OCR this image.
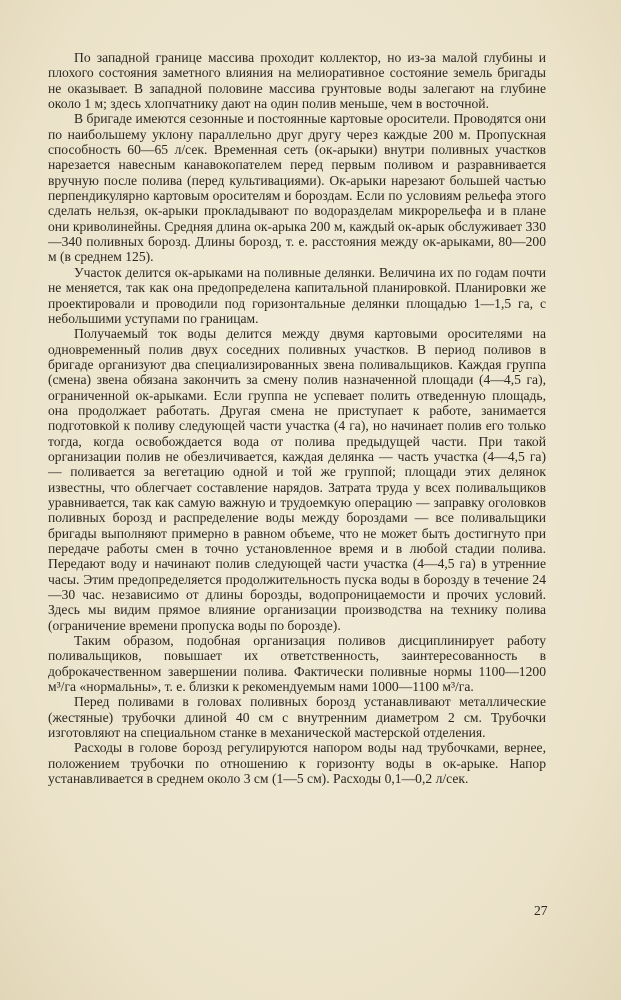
По западной границе массива проходит коллектор, но из-за малой глубины и плохого состояния заметного влияния на мелиоративное состояние земель бригады не оказывает. В западной половине массива грунтовые воды залегают на глубине около 1 м; здесь хлопчатнику дают на один полив меньше, чем в восточной.

В бригаде имеются сезонные и постоянные картовые оросители. Проводятся они по наибольшему уклону параллельно друг другу через каждые 200 м. Пропускная способность 60—65 л/сек. Временная сеть (ок-арыки) внутри поливных участков нарезается навесным канавокопателем перед первым поливом и разравнивается вручную после полива (перед культивациями). Ок-арыки нарезают большей частью перпендикулярно картовым оросителям и бороздам. Если по условиям рельефа этого сделать нельзя, ок-арыки прокладывают по водоразделам микрорельефа и в плане они криволинейны. Средняя длина ок-арыка 200 м, каждый ок-арык обслуживает 330—340 поливных борозд. Длины борозд, т. е. расстояния между ок-арыками, 80—200 м (в среднем 125).

Участок делится ок-арыками на поливные делянки. Величина их по годам почти не меняется, так как она предопределена капитальной планировкой. Планировки же проектировали и проводили под горизонтальные делянки площадью 1—1,5 га, с небольшими уступами по границам.

Получаемый ток воды делится между двумя картовыми оросителями на одновременный полив двух соседних поливных участков. В период поливов в бригаде организуют два специализированных звена поливальщиков. Каждая группа (смена) звена обязана закончить за смену полив назначенной площади (4—4,5 га), ограниченной ок-арыками. Если группа не успевает полить отведенную площадь, она продолжает работать. Другая смена не приступает к работе, занимается подготовкой к поливу следующей части участка (4 га), но начинает полив его только тогда, когда освобождается вода от полива предыдущей части. При такой организации полив не обезличивается, каждая делянка — часть участка (4—4,5 га) — поливается за вегетацию одной и той же группой; площади этих делянок известны, что облегчает составление нарядов. Затрата труда у всех поливальщиков уравнивается, так как самую важную и трудоемкую операцию — заправку оголовков поливных борозд и распределение воды между бороздами — все поливальщики бригады выполняют примерно в равном объеме, что не может быть достигнуто при передаче работы смен в точно установленное время и в любой стадии полива. Передают воду и начинают полив следующей части участка (4—4,5 га) в утренние часы. Этим предопределяется продолжительность пуска воды в борозду в течение 24—30 час. независимо от длины борозды, водопроницаемости и прочих условий. Здесь мы видим прямое влияние организации производства на технику полива (ограничение времени пропуска воды по борозде).

Таким образом, подобная организация поливов дисциплинирует работу поливальщиков, повышает их ответственность, заинтересованность в доброкачественном завершении полива. Фактически поливные нормы 1100—1200 м³/га «нормальны», т. е. близки к рекомендуемым нами 1000—1100 м³/га.

Перед поливами в головах поливных борозд устанавливают металлические (жестяные) трубочки длиной 40 см с внутренним диаметром 2 см. Трубочки изготовляют на специальном станке в механической мастерской отделения.

Расходы в голове борозд регулируются напором воды над трубочками, вернее, положением трубочки по отношению к горизонту воды в ок-арыке. Напор устанавливается в среднем около 3 см (1—5 см). Расходы 0,1—0,2 л/сек.

27
